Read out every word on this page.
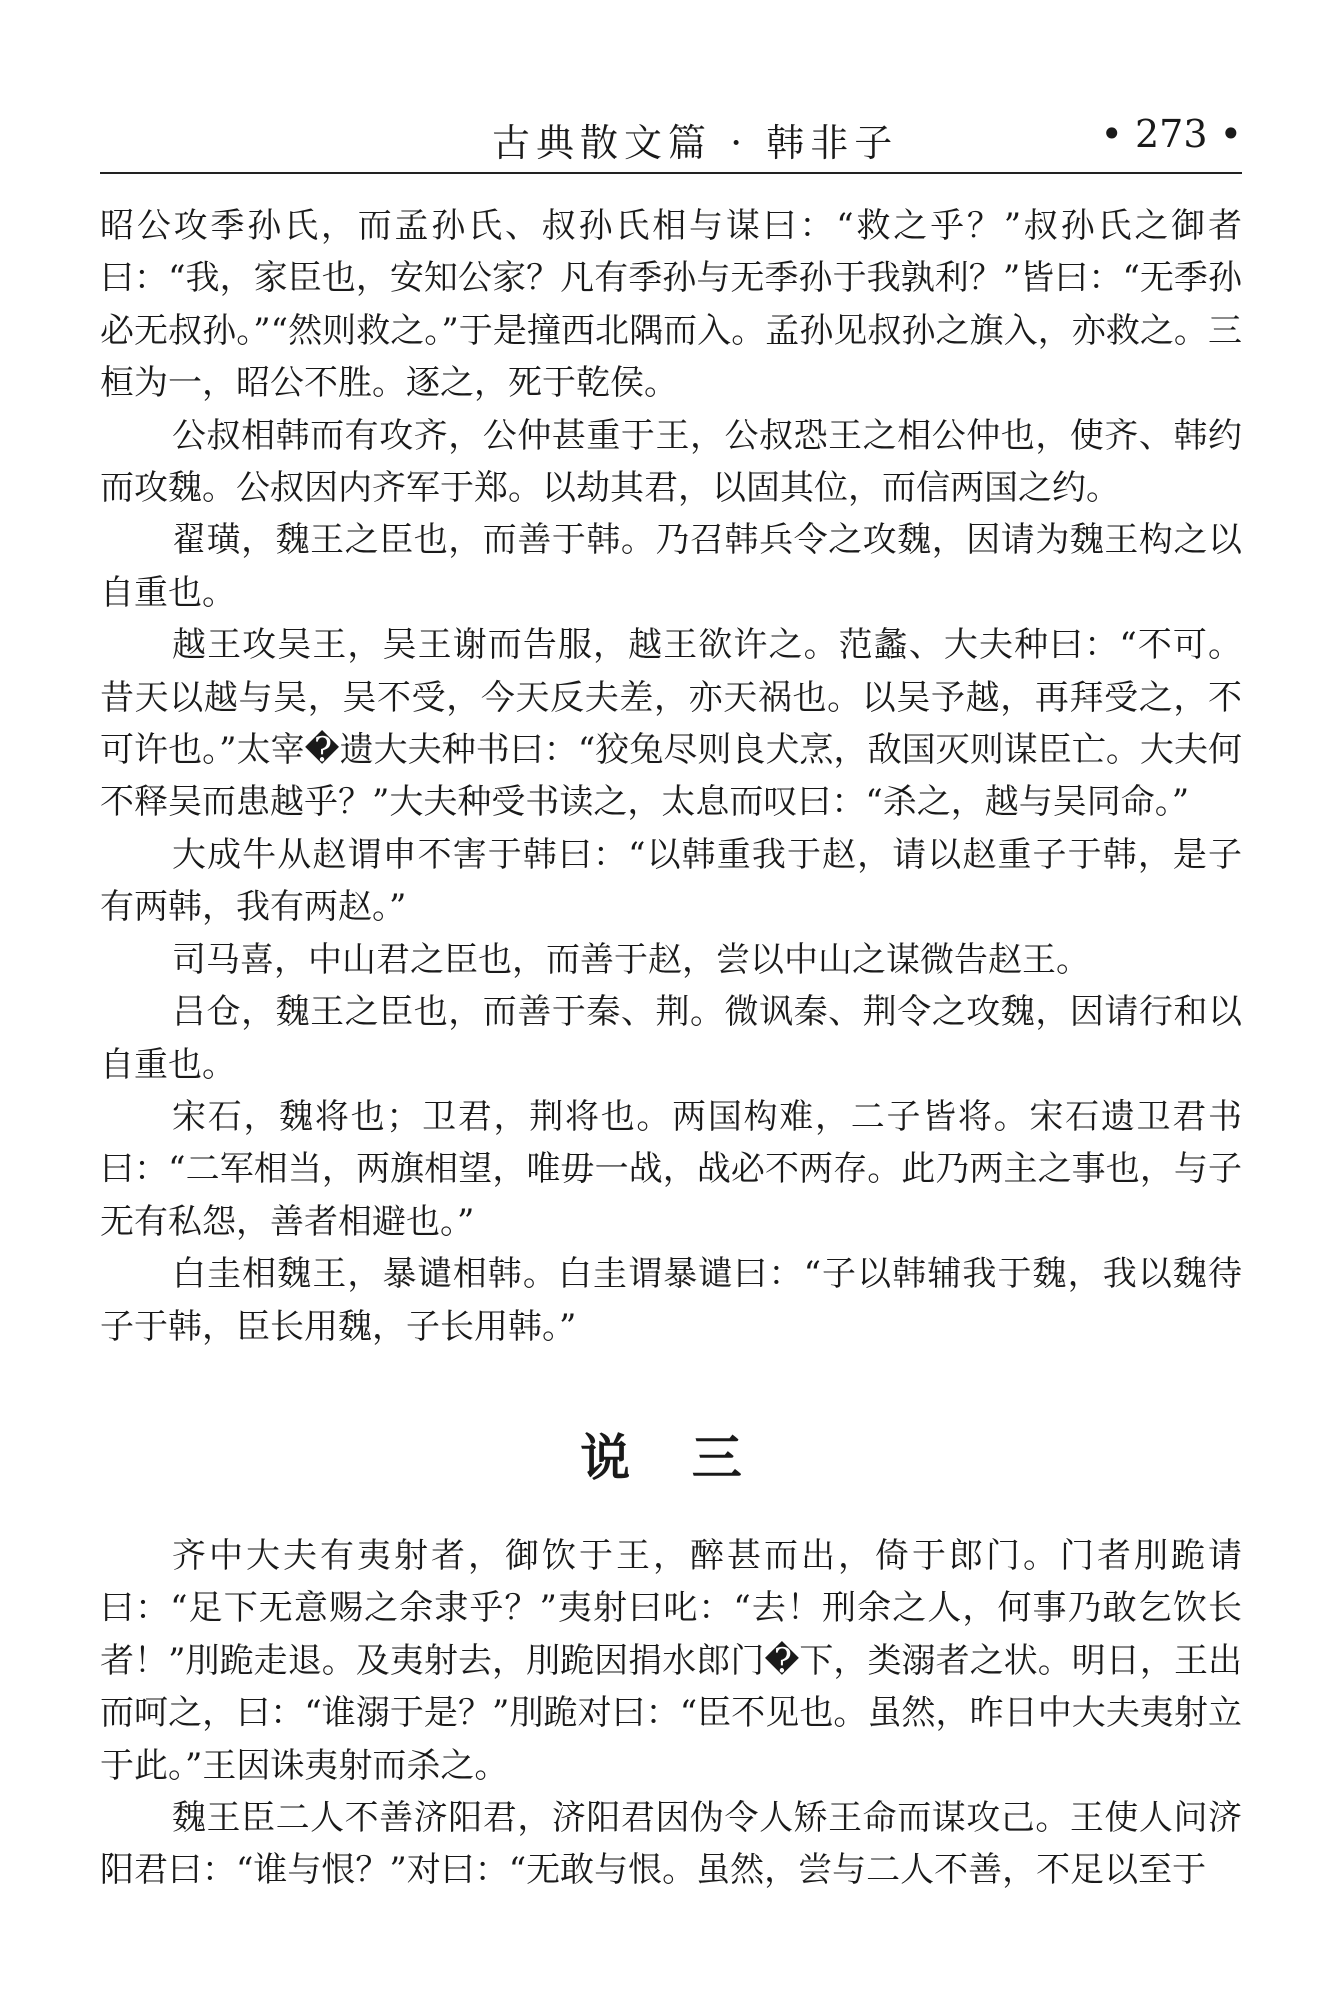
古典散文篇 · 韩非子	• 273 •

昭公攻季孙氏，而孟孙氏、叔孙氏相与谋曰：“救之乎？”叔孙氏之御者曰：“我，家臣也，安知公家？凡有季孙与无季孙于我孰利？”皆曰：“无季孙必无叔孙。”“然则救之。”于是撞西北隅而入。孟孙见叔孙之旗入，亦救之。三桓为一，昭公不胜。逐之，死于乾侯。

公叔相韩而有攻齐，公仲甚重于王，公叔恐王之相公仲也，使齐、韩约而攻魏。公叔因内齐军于郑。以劫其君，以固其位，而信两国之约。

翟璜，魏王之臣也，而善于韩。乃召韩兵令之攻魏，因请为魏王构之以自重也。

越王攻吴王，吴王谢而告服，越王欲许之。范蠡、大夫种曰：“不可。昔天以越与吴，吴不受，今天反夫差，亦天祸也。以吴予越，再拜受之，不可许也。”太宰�遗大夫种书曰：“狡兔尽则良犬烹，敌国灭则谋臣亡。大夫何不释吴而患越乎？”大夫种受书读之，太息而叹曰：“杀之，越与吴同命。”

大成牛从赵谓申不害于韩曰：“以韩重我于赵，请以赵重子于韩，是子有两韩，我有两赵。”

司马喜，中山君之臣也，而善于赵，尝以中山之谋微告赵王。

吕仓，魏王之臣也，而善于秦、荆。微讽秦、荆令之攻魏，因请行和以自重也。

宋石，魏将也；卫君，荆将也。两国构难，二子皆将。宋石遗卫君书曰：“二军相当，两旗相望，唯毋一战，战必不两存。此乃两主之事也，与子无有私怨，善者相避也。”

白圭相魏王，暴谴相韩。白圭谓暴谴曰：“子以韩辅我于魏，我以魏待子于韩，臣长用魏，子长用韩。”

说 三

齐中大夫有夷射者，御饮于王，醉甚而出，倚于郎门。门者刖跪请曰：“足下无意赐之余隶乎？”夷射曰叱：“去！刑余之人，何事乃敢乞饮长者！”刖跪走退。及夷射去，刖跪因捐水郎门�下，类溺者之状。明日，王出而呵之，曰：“谁溺于是？”刖跪对曰：“臣不见也。虽然，昨日中大夫夷射立于此。”王因诛夷射而杀之。

魏王臣二人不善济阳君，济阳君因伪令人矫王命而谋攻己。王使人问济阳君曰：“谁与恨？”对曰：“无敢与恨。虽然，尝与二人不善，不足以至于
